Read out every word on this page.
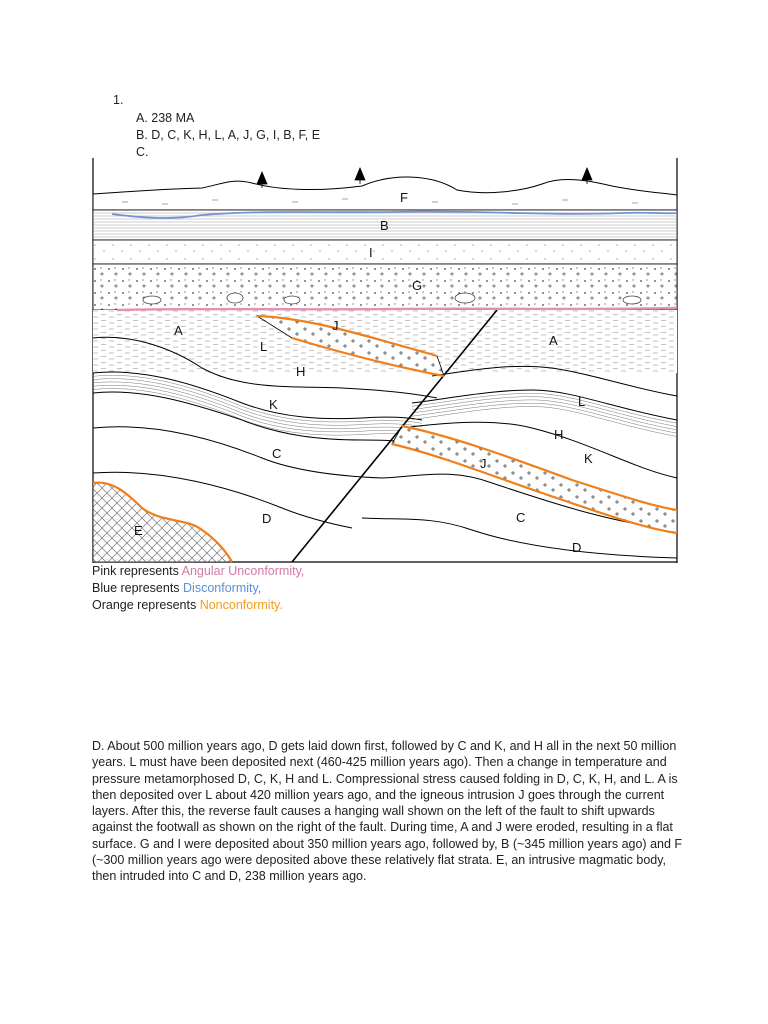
1.
A. 238 MA
B. D, C, K, H, L, A, J, G, I, B, F, E
C.
F
B
I
G
A
L
J
H
K
C
D
E
A
L
H
J	K
C
D
Pink represents Angular Unconformity,
Blue represents Disconformity,
Orange represents Nonconformity.
D. About 500 million years ago, D gets laid down first, followed by C and K, and H all in the next 50 million years. L must have been deposited next (460-425 million years ago). Then a change in temperature and pressure metamorphosed D, C, K, H and L. Compressional stress caused folding in D, C, K, H, and L. A is then deposited over L about 420 million years ago, and the igneous intrusion J goes through the current layers. After this, the reverse fault causes a hanging wall shown on the left of the fault to shift upwards against the footwall as shown on the right of the fault. During time, A and J were eroded, resulting in a flat surface. G and I were deposited about 350 million years ago, followed by, B (~345 million years ago) and F (~300 million years ago were deposited above these relatively flat strata. E, an intrusive magmatic body, then intruded into C and D, 238 million years ago.
